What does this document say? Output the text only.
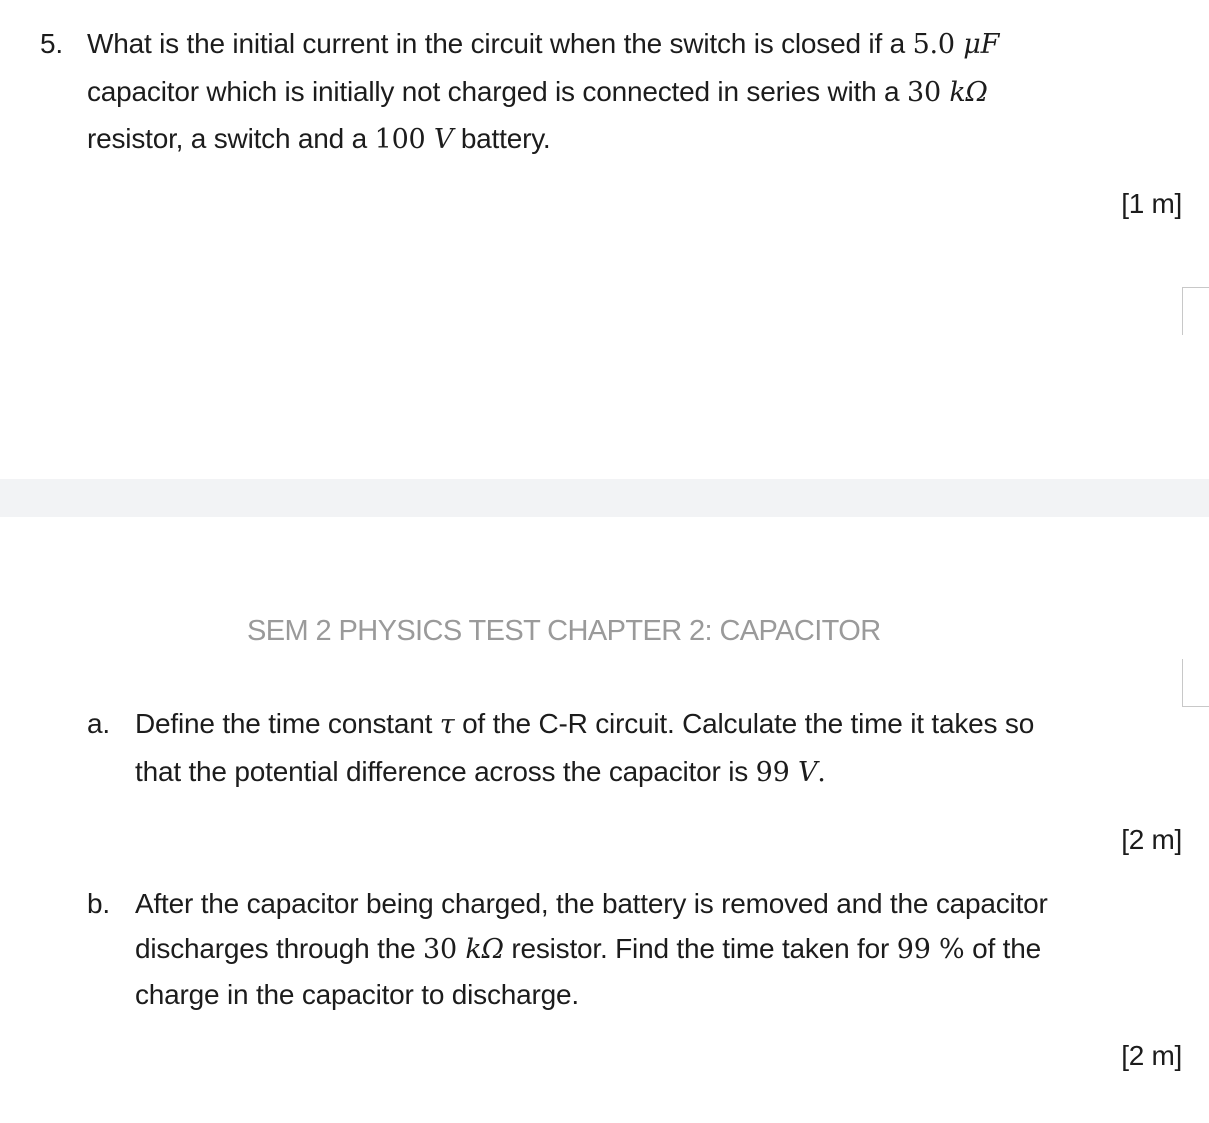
5. What is the initial current in the circuit when the switch is closed if a 5.0 μF
capacitor which is initially not charged is connected in series with a 30 kΩ
resistor, a switch and a 100 V battery.
[1 m]
SEM 2 PHYSICS TEST CHAPTER 2: CAPACITOR
a. Define the time constant τ of the C-R circuit. Calculate the time it takes so
that the potential difference across the capacitor is 99 V.
[2 m]
b. After the capacitor being charged, the battery is removed and the capacitor
discharges through the 30 kΩ resistor. Find the time taken for 99 % of the
charge in the capacitor to discharge.
[2 m]
